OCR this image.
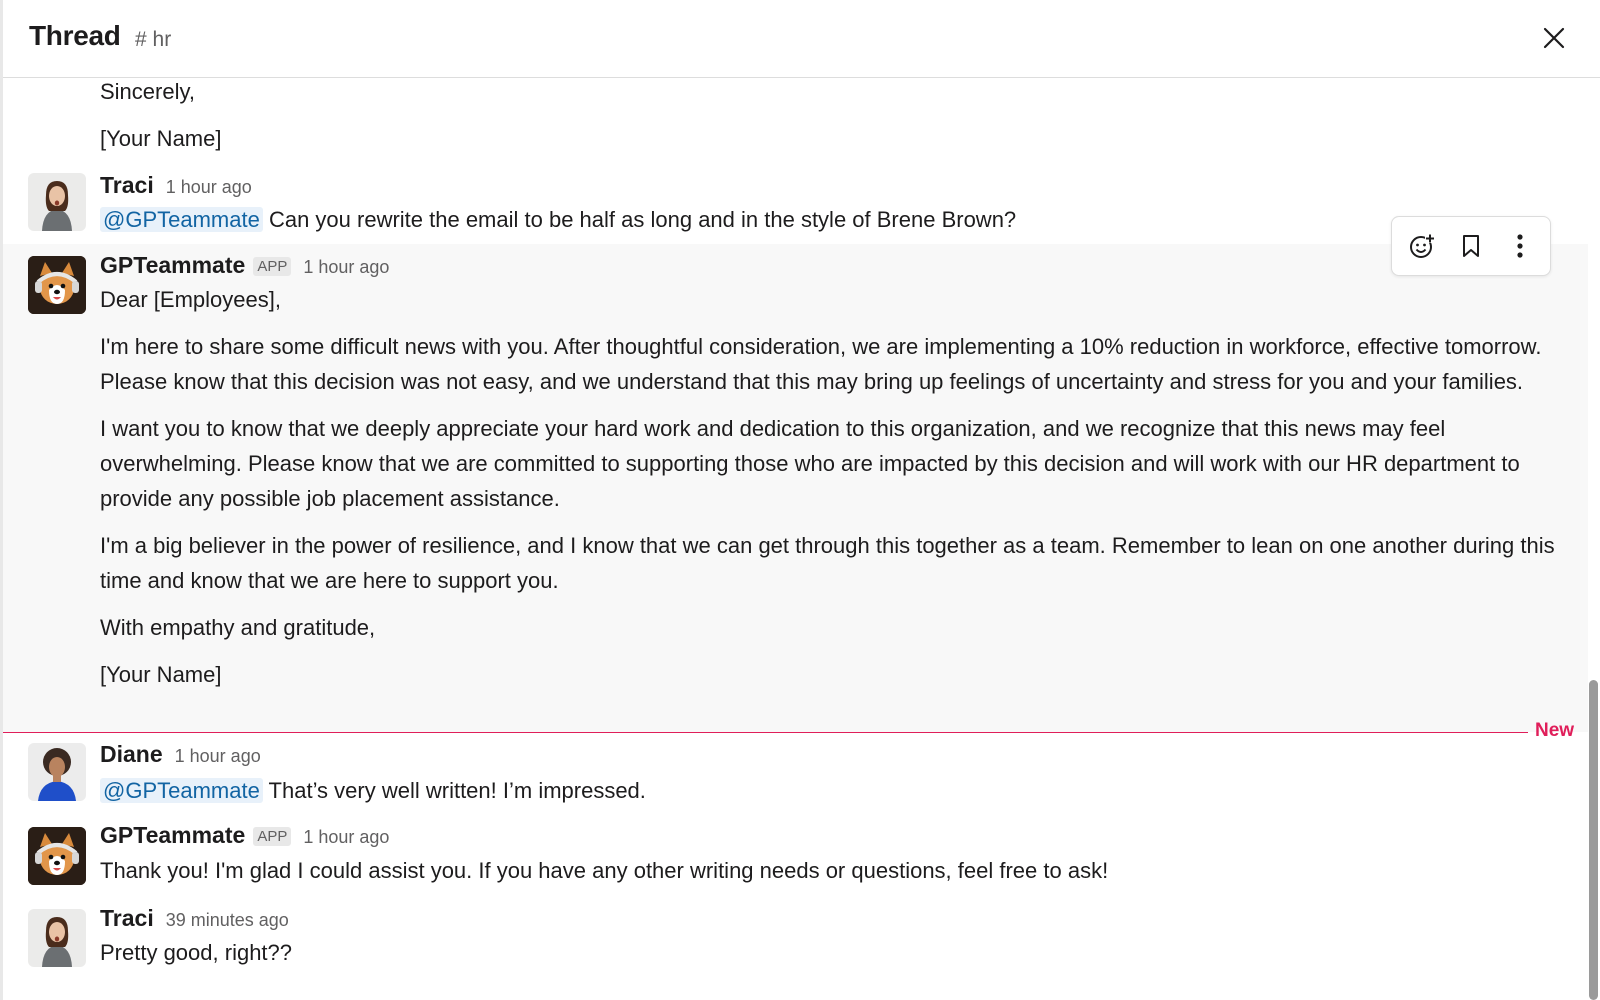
Thread # hr
Sincerely,
[Your Name]
Traci 1 hour ago
@GPTeammate Can you rewrite the email to be half as long and in the style of Brene Brown?
GPTeammate APP 1 hour ago

Dear [Employees],

I'm here to share some difficult news with you. After thoughtful consideration, we are implementing a 10% reduction in workforce, effective tomorrow. Please know that this decision was not easy, and we understand that this may bring up feelings of uncertainty and stress for you and your families.

I want you to know that we deeply appreciate your hard work and dedication to this organization, and we recognize that this news may feel overwhelming. Please know that we are committed to supporting those who are impacted by this decision and will work with our HR department to provide any possible job placement assistance.

I'm a big believer in the power of resilience, and I know that we can get through this together as a team. Remember to lean on one another during this time and know that we are here to support you.

With empathy and gratitude,

[Your Name]

New
Diane 1 hour ago
@GPTeammate That’s very well written! I’m impressed.
GPTeammate APP 1 hour ago
Thank you! I'm glad I could assist you. If you have any other writing needs or questions, feel free to ask!
Traci 39 minutes ago
Pretty good, right??
